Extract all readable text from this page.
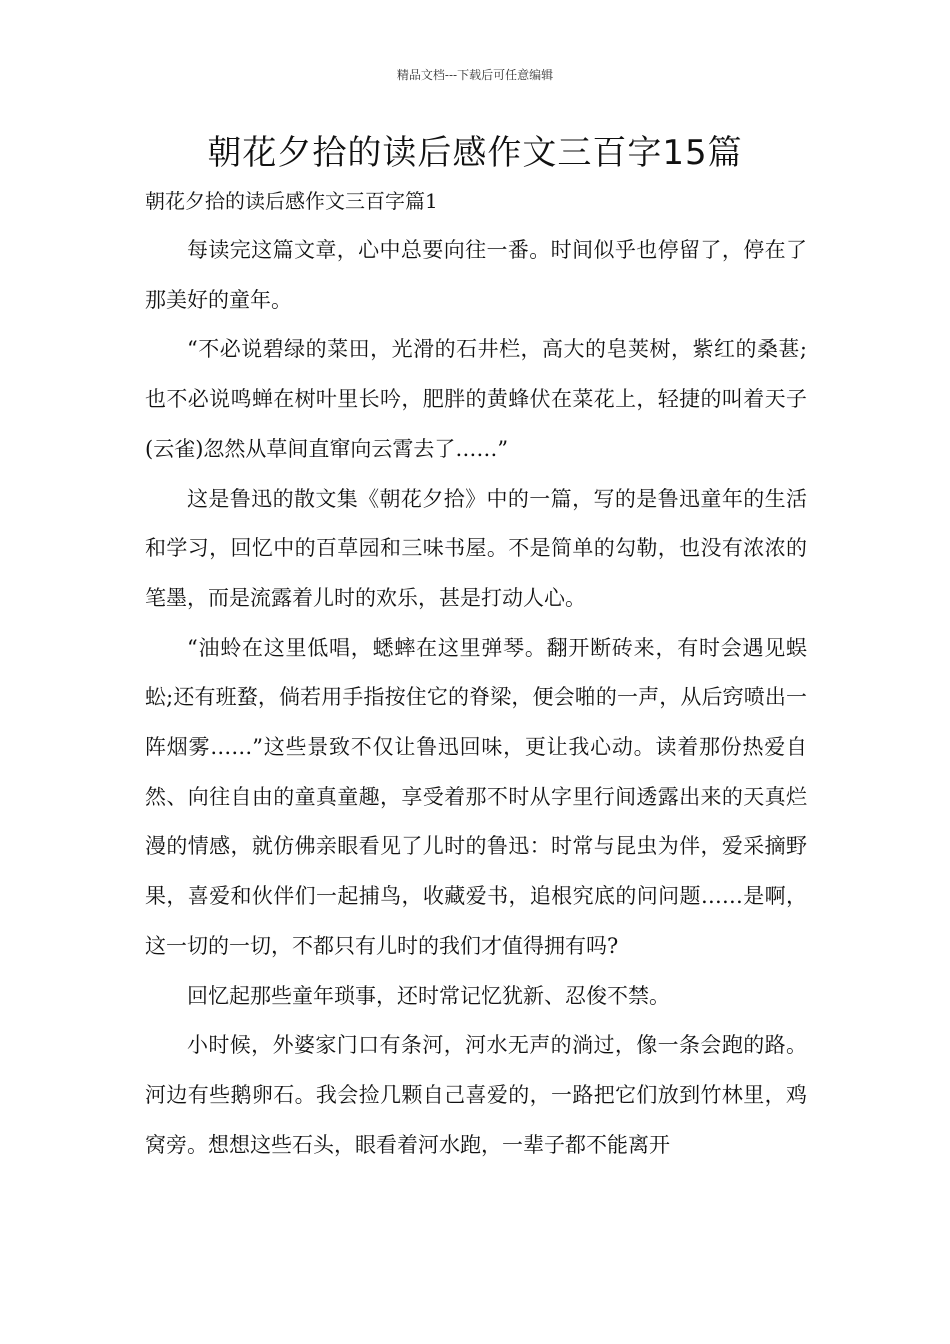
精品文档---下载后可任意编辑
朝花夕拾的读后感作文三百字15篇
朝花夕拾的读后感作文三百字篇1

每读完这篇文章，心中总要向往一番。时间似乎也停留了，停在了那美好的童年。

“不必说碧绿的菜田，光滑的石井栏，高大的皂荚树，紫红的桑葚;也不必说鸣蝉在树叶里长吟，肥胖的黄蜂伏在菜花上，轻捷的叫着天子(云雀)忽然从草间直窜向云霄去了……”

这是鲁迅的散文集《朝花夕拾》中的一篇，写的是鲁迅童年的生活和学习，回忆中的百草园和三味书屋。不是简单的勾勒，也没有浓浓的笔墨，而是流露着儿时的欢乐，甚是打动人心。

“油蛉在这里低唱，蟋蟀在这里弹琴。翻开断砖来，有时会遇见蜈蚣;还有班蝥，倘若用手指按住它的脊梁，便会啪的一声，从后窍喷出一阵烟雾……”这些景致不仅让鲁迅回味，更让我心动。读着那份热爱自然、向往自由的童真童趣，享受着那不时从字里行间透露出来的天真烂漫的情感，就仿佛亲眼看见了儿时的鲁迅：时常与昆虫为伴，爱采摘野果，喜爱和伙伴们一起捕鸟，收藏爱书，追根究底的问问题……是啊，这一切的一切，不都只有儿时的我们才值得拥有吗?

回忆起那些童年琐事，还时常记忆犹新、忍俊不禁。

小时候，外婆家门口有条河，河水无声的淌过，像一条会跑的路。河边有些鹅卵石。我会捡几颗自己喜爱的，一路把它们放到竹林里，鸡窝旁。想想这些石头，眼看着河水跑，一辈子都不能离开
